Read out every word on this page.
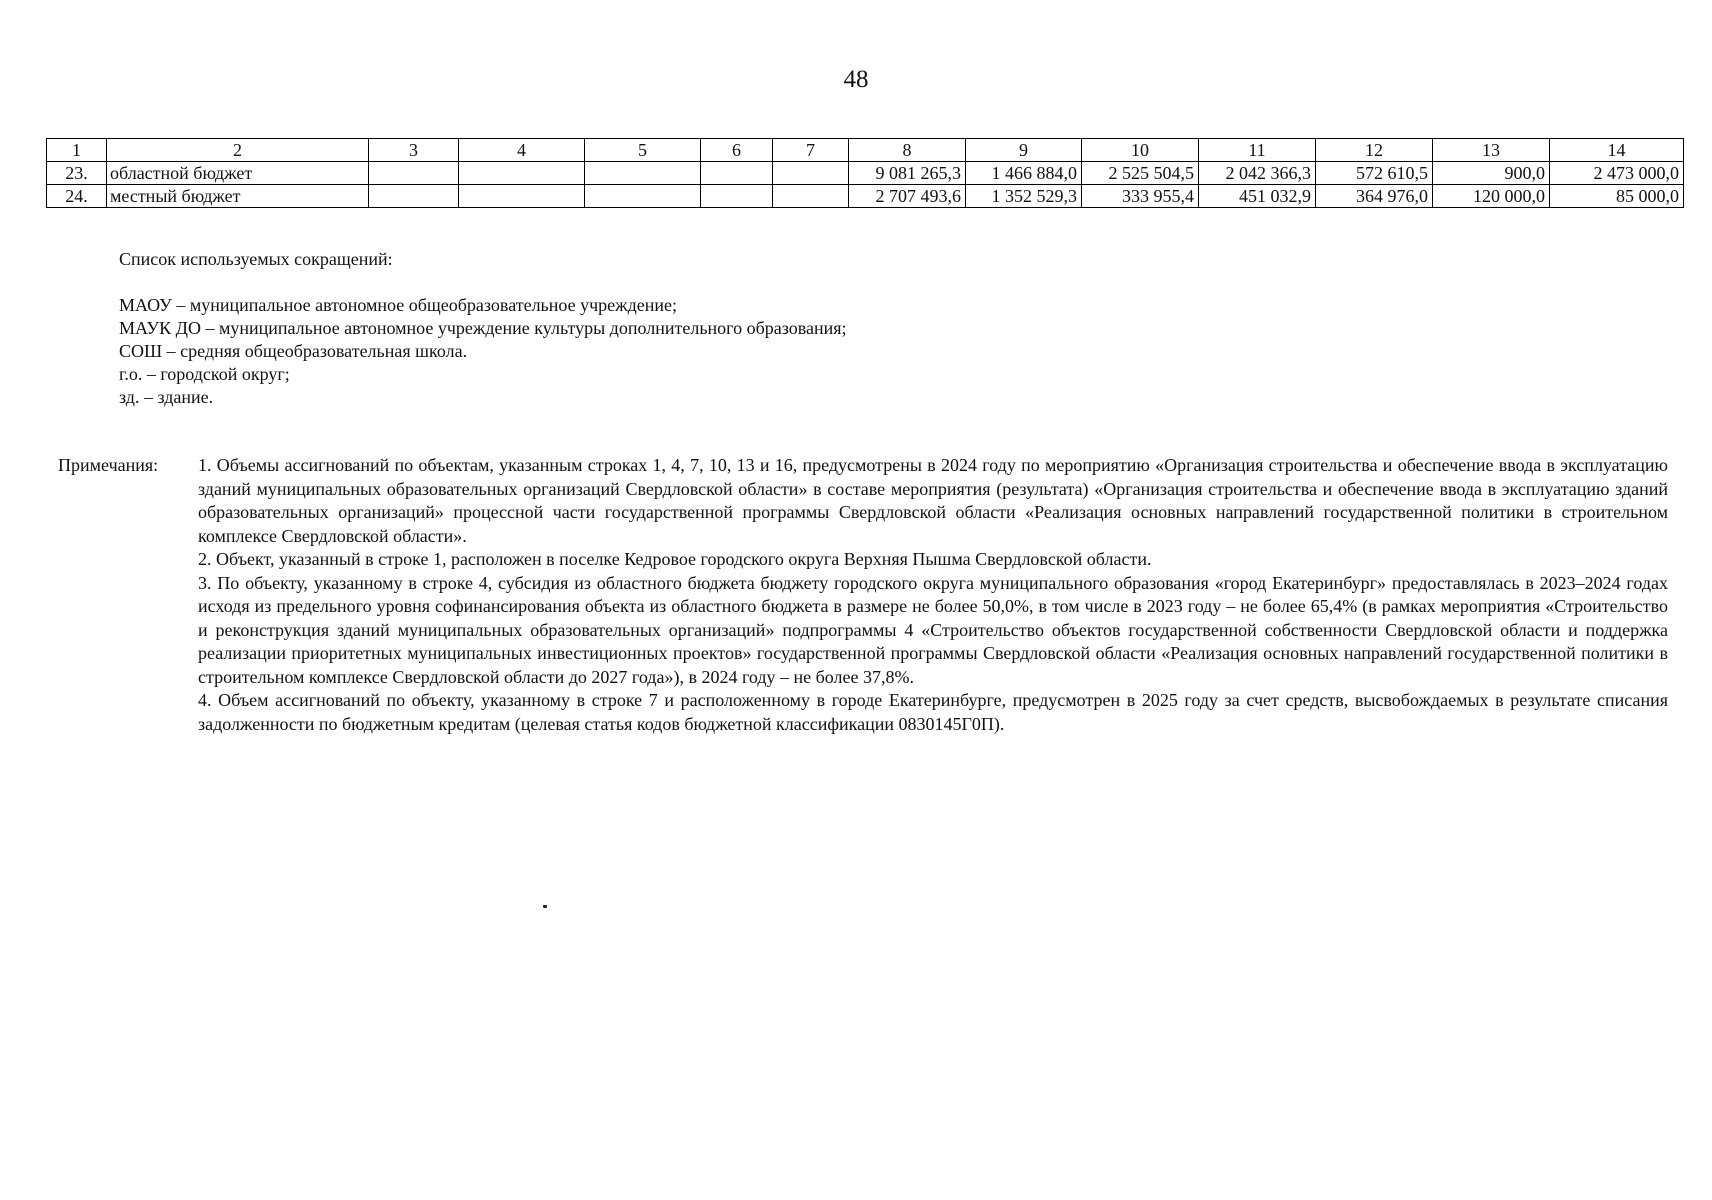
48
1	2	3	4	5	6	7	8	9	10	11	12	13	14
23.	областной бюджет						9 081 265,3	1 466 884,0	2 525 504,5	2 042 366,3	572 610,5	900,0	2 473 000,0
24.	местный бюджет						2 707 493,6	1 352 529,3	333 955,4	451 032,9	364 976,0	120 000,0	85 000,0
Список используемых сокращений:
МАОУ – муниципальное автономное общеобразовательное учреждение;
МАУК ДО – муниципальное автономное учреждение культуры дополнительного образования;
СОШ – средняя общеобразовательная школа.
г.о. – городской округ;
зд. – здание.
Примечания: 1. Объемы ассигнований по объектам, указанным строках 1, 4, 7, 10, 13 и 16, предусмотрены в 2024 году по мероприятию «Организация строительства и обеспечение ввода в эксплуатацию зданий муниципальных образовательных организаций Свердловской области» в составе мероприятия (результата) «Организация строительства и обеспечение ввода в эксплуатацию зданий образовательных организаций» процессной части государственной программы Свердловской области «Реализация основных направлений государственной политики в строительном комплексе Свердловской области».
2. Объект, указанный в строке 1, расположен в поселке Кедровое городского округа Верхняя Пышма Свердловской области.
3. По объекту, указанному в строке 4, субсидия из областного бюджета бюджету городского округа муниципального образования «город Екатеринбург» предоставлялась в 2023–2024 годах исходя из предельного уровня софинансирования объекта из областного бюджета в размере не более 50,0%, в том числе в 2023 году – не более 65,4% (в рамках мероприятия «Строительство и реконструкция зданий муниципальных образовательных организаций» подпрограммы 4 «Строительство объектов государственной собственности Свердловской области и поддержка реализации приоритетных муниципальных инвестиционных проектов» государственной программы Свердловской области «Реализация основных направлений государственной политики в строительном комплексе Свердловской области до 2027 года»), в 2024 году – не более 37,8%.
4. Объем ассигнований по объекту, указанному в строке 7 и расположенному в городе Екатеринбурге, предусмотрен в 2025 году за счет средств, высвобождаемых в результате списания задолженности по бюджетным кредитам (целевая статья кодов бюджетной классификации 0830145Г0П).
